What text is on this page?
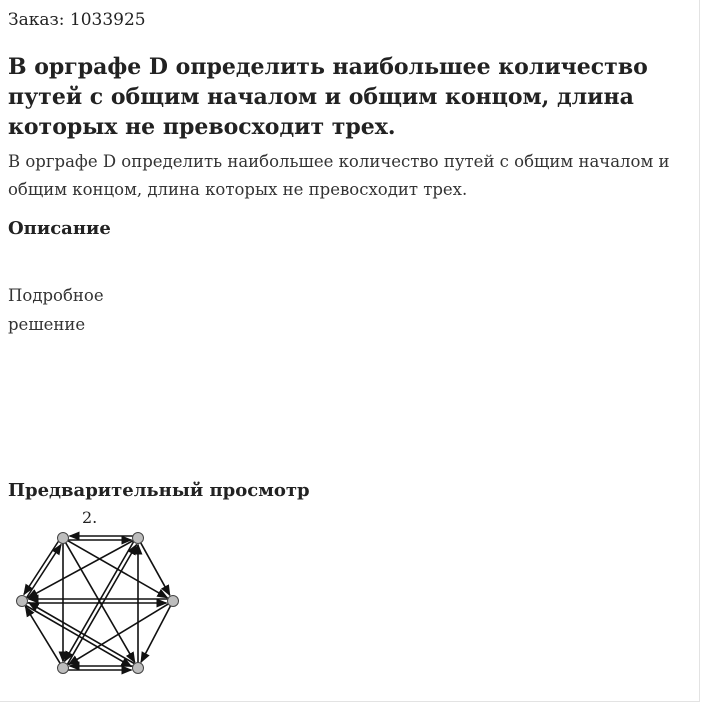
Заказ: 1033925
В орграфе D определить наибольшее количество путей с общим началом и общим концом, длина которых не превосходит трех.
В орграфе D определить наибольшее количество путей с общим началом и общим концом, длина которых не превосходит трех.
Описание
Подробное решение
Предварительный просмотр
2.
